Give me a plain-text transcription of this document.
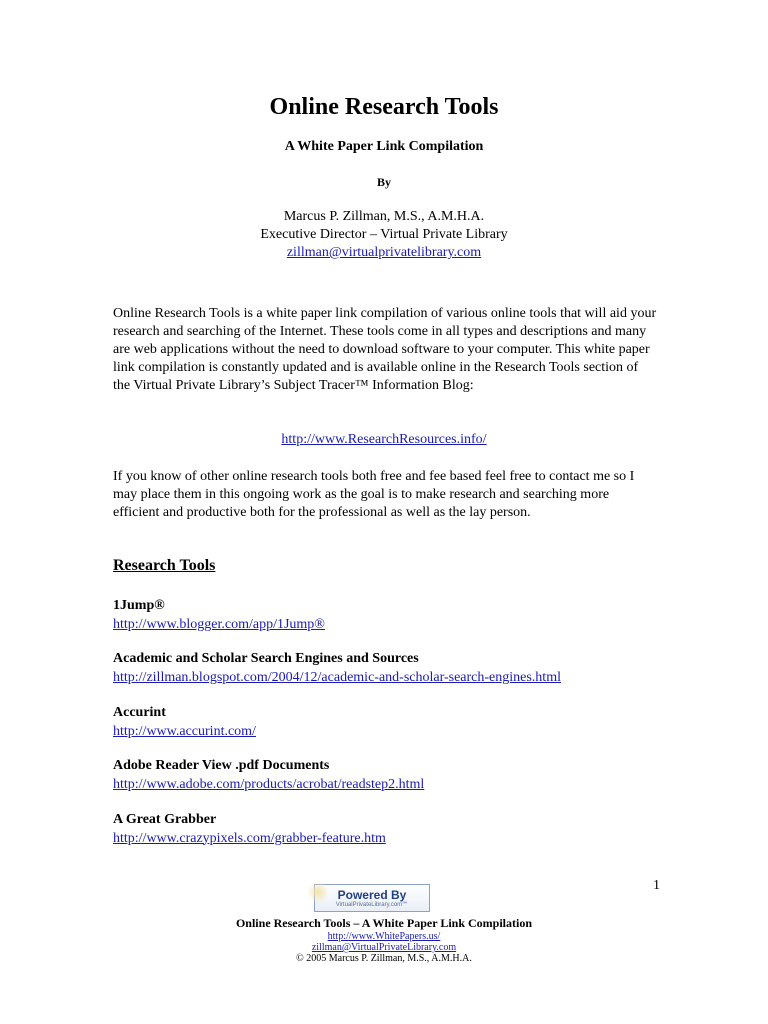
Online Research Tools
A White Paper Link Compilation
By
Marcus P. Zillman, M.S., A.M.H.A.
Executive Director – Virtual Private Library
zillman@virtualprivatelibrary.com

Online Research Tools is a white paper link compilation of various online tools that will aid your research and searching of the Internet. These tools come in all types and descriptions and many are web applications without the need to download software to your computer. This white paper link compilation is constantly updated and is available online in the Research Tools section of the Virtual Private Library’s Subject Tracer™ Information Blog:

http://www.ResearchResources.info/

If you know of other online research tools both free and fee based feel free to contact me so I may place them in this ongoing work as the goal is to make research and searching more efficient and productive both for the professional as well as the lay person.

Research Tools
1Jump®
http://www.blogger.com/app/1Jump®
Academic and Scholar Search Engines and Sources
http://zillman.blogspot.com/2004/12/academic-and-scholar-search-engines.html
Accurint
http://www.accurint.com/
Adobe Reader View .pdf Documents
http://www.adobe.com/products/acrobat/readstep2.html
A Great Grabber
http://www.crazypixels.com/grabber-feature.htm
1
Powered By
VirtualPrivateLibrary.com℠
Online Research Tools – A White Paper Link Compilation
http://www.WhitePapers.us/
zillman@VirtualPrivateLibrary.com
© 2005 Marcus P. Zillman, M.S., A.M.H.A.
